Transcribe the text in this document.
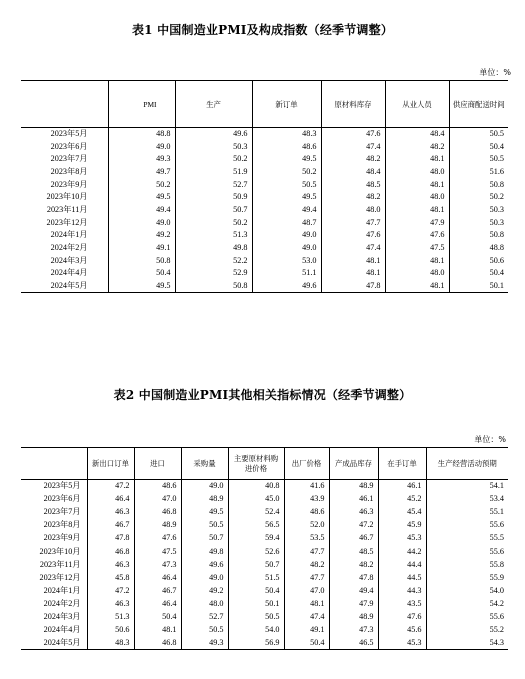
表1 中国制造业PMI及构成指数（经季节调整）
单位：%
	PMI	生产	新订单	原材料库存	从业人员	供应商配送时间
2023年5月	48.8	49.6	48.3	47.6	48.4	50.5
2023年6月	49.0	50.3	48.6	47.4	48.2	50.4
2023年7月	49.3	50.2	49.5	48.2	48.1	50.5
2023年8月	49.7	51.9	50.2	48.4	48.0	51.6
2023年9月	50.2	52.7	50.5	48.5	48.1	50.8
2023年10月	49.5	50.9	49.5	48.2	48.0	50.2
2023年11月	49.4	50.7	49.4	48.0	48.1	50.3
2023年12月	49.0	50.2	48.7	47.7	47.9	50.3
2024年1月	49.2	51.3	49.0	47.6	47.6	50.8
2024年2月	49.1	49.8	49.0	47.4	47.5	48.8
2024年3月	50.8	52.2	53.0	48.1	48.1	50.6
2024年4月	50.4	52.9	51.1	48.1	48.0	50.4
2024年5月	49.5	50.8	49.6	47.8	48.1	50.1
表2 中国制造业PMI其他相关指标情况（经季节调整）
单位：%
	新出口订单	进口	采购量	主要原材料购进价格	出厂价格	产成品库存	在手订单	生产经营活动预期
2023年5月	47.2	48.6	49.0	40.8	41.6	48.9	46.1	54.1
2023年6月	46.4	47.0	48.9	45.0	43.9	46.1	45.2	53.4
2023年7月	46.3	46.8	49.5	52.4	48.6	46.3	45.4	55.1
2023年8月	46.7	48.9	50.5	56.5	52.0	47.2	45.9	55.6
2023年9月	47.8	47.6	50.7	59.4	53.5	46.7	45.3	55.5
2023年10月	46.8	47.5	49.8	52.6	47.7	48.5	44.2	55.6
2023年11月	46.3	47.3	49.6	50.7	48.2	48.2	44.4	55.8
2023年12月	45.8	46.4	49.0	51.5	47.7	47.8	44.5	55.9
2024年1月	47.2	46.7	49.2	50.4	47.0	49.4	44.3	54.0
2024年2月	46.3	46.4	48.0	50.1	48.1	47.9	43.5	54.2
2024年3月	51.3	50.4	52.7	50.5	47.4	48.9	47.6	55.6
2024年4月	50.6	48.1	50.5	54.0	49.1	47.3	45.6	55.2
2024年5月	48.3	46.8	49.3	56.9	50.4	46.5	45.3	54.3
